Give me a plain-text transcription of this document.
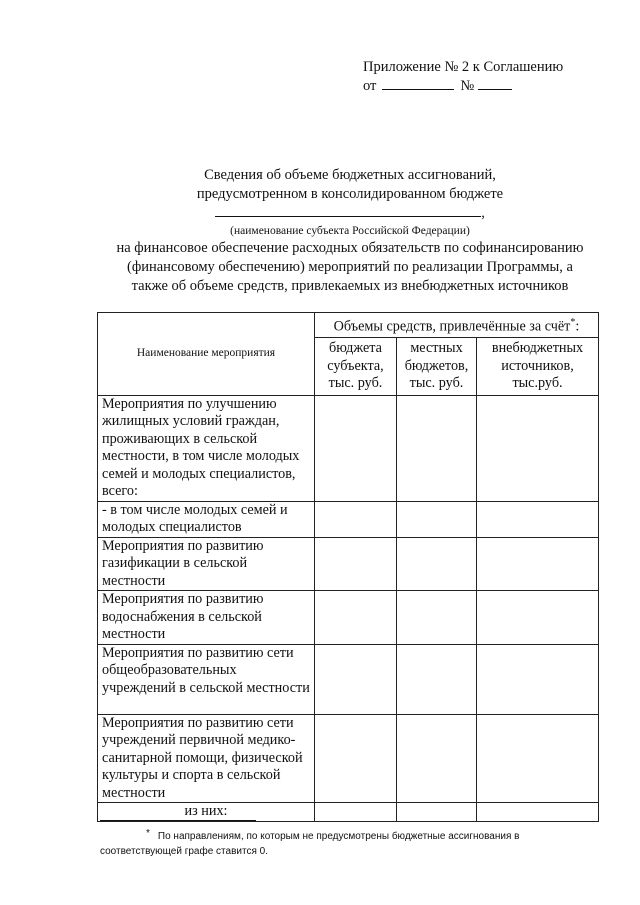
Приложение № 2 к Соглашению
от	№
Сведения об объеме бюджетных ассигнований,
предусмотренном в консолидированном бюджете
,
(наименование субъекта Российской Федерации)
на финансовое обеспечение расходных обязательств по софинансированию
(финансовому обеспечению) мероприятий по реализации Программы, а
также об объеме средств, привлекаемых из внебюджетных источников
Наименование мероприятия	Объемы средств, привлечённые за счёт*:		
	бюджета субъекта, тыс. руб.	местных бюджетов, тыс. руб.	внебюджетных источников, тыс.руб.
Мероприятия по улучшению жилищных условий граждан, проживающих в сельской местности, в том числе молодых семей и молодых специалистов, всего:			
- в том числе молодых семей и молодых специалистов			
Мероприятия по развитию газификации в сельской местности			
Мероприятия по развитию водоснабжения в сельской местности			
Мероприятия по развитию сети общеобразовательных учреждений в сельской местности			
Мероприятия по развитию сети учреждений первичной медико-санитарной помощи, физической культуры и спорта в сельской местности			
из них:			
* По направлениям, по которым не предусмотрены бюджетные ассигнования в соответствующей графе ставится 0.
